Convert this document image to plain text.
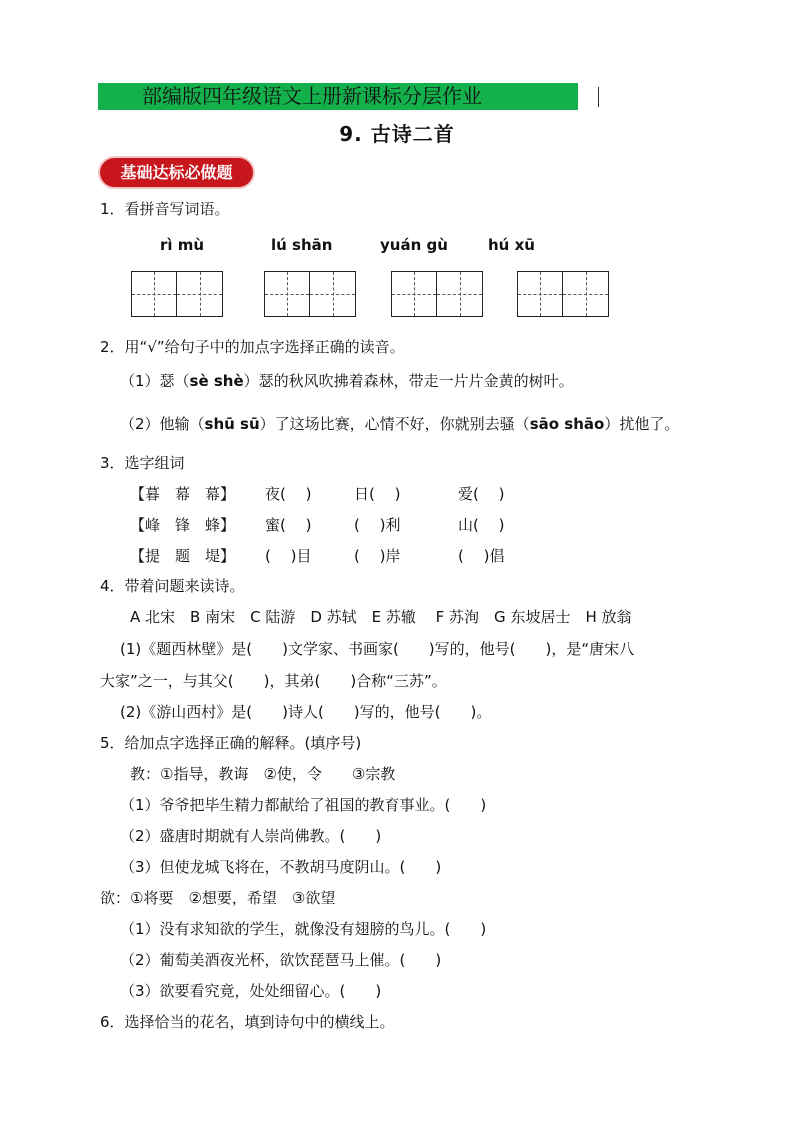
部编版四年级语文上册新课标分层作业
9. 古诗二首
基础达标必做题
1．看拼音写词语。
rì mù	lú shān	yuán gù	hú xū
2．用“√”给句子中的加点字选择正确的读音。
（1）瑟（sè shè）瑟的秋风吹拂着森林，带走一片片金黄的树叶。
（2）他输（shū sū）了这场比赛，心情不好，你就别去骚（sāo shāo）扰他了。
3．选字组词
【暮　幕　幕】 夜(　 )	日(　 )	爱(　 )
【峰　锋　蜂】 蜜(　 )	(　 )利	山(　 )
【提　题　堤】 (　 )目	(　 )岸	(　 )倡
4．带着问题来读诗。
A 北宋　B 南宋　C 陆游　D 苏轼　E 苏辙　 F 苏洵　G 东坡居士　H 放翁
(1)《题西林壁》是(　　)文学家、书画家(　　)写的，他号(　　)，是“唐宋八
大家”之一，与其父(　　)，其弟(　　)合称“三苏”。
(2)《游山西村》是(　　)诗人(　　)写的，他号(　　)。
5．给加点字选择正确的解释。(填序号)
教：①指导，教诲　②使，令　　③宗教
（1）爷爷把毕生精力都献给了祖国的教育事业。(　　)
（2）盛唐时期就有人崇尚佛教。(　　)
（3）但使龙城飞将在，不教胡马度阴山。(　　)
欲：①将要　②想要，希望　③欲望
（1）没有求知欲的学生，就像没有翅膀的鸟儿。(　　)
（2）葡萄美酒夜光杯，欲饮琵琶马上催。(　　)
（3）欲要看究竟，处处细留心。(　　)
6．选择恰当的花名，填到诗句中的横线上。
